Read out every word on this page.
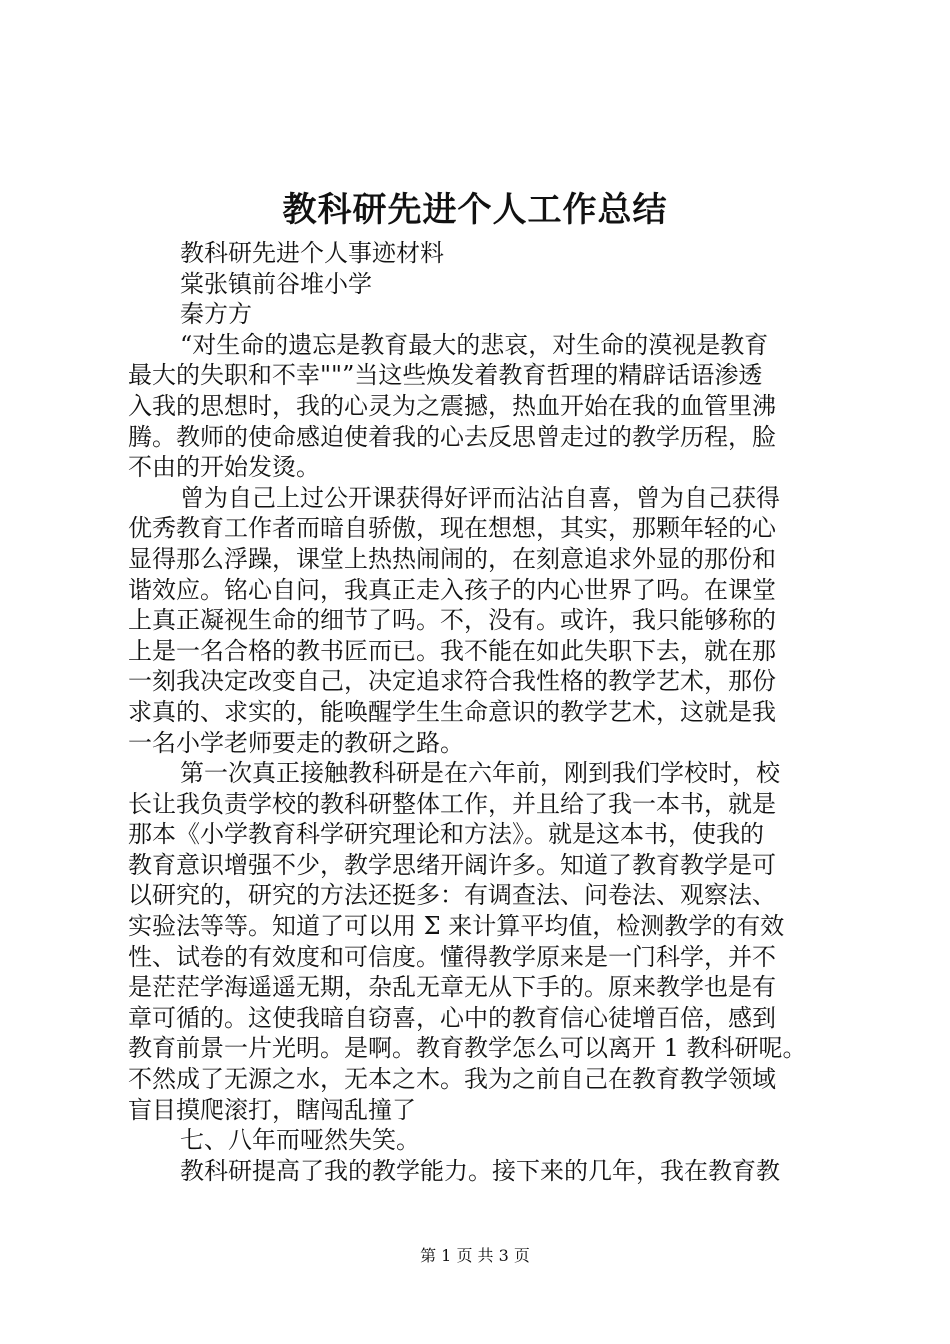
教科研先进个人工作总结
教科研先进个人事迹材料
棠张镇前谷堆小学
秦方方
“对生命的遗忘是教育最大的悲哀，对生命的漠视是教育
最大的失职和不幸""”当这些焕发着教育哲理的精辟话语渗透
入我的思想时，我的心灵为之震撼，热血开始在我的血管里沸
腾。教师的使命感迫使着我的心去反思曾走过的教学历程，脸
不由的开始发烫。
曾为自己上过公开课获得好评而沾沾自喜，曾为自己获得
优秀教育工作者而暗自骄傲，现在想想，其实，那颗年轻的心
显得那么浮躁，课堂上热热闹闹的，在刻意追求外显的那份和
谐效应。铭心自问，我真正走入孩子的内心世界了吗。在课堂
上真正凝视生命的细节了吗。不，没有。或许，我只能够称的
上是一名合格的教书匠而已。我不能在如此失职下去，就在那
一刻我决定改变自己，决定追求符合我性格的教学艺术，那份
求真的、求实的，能唤醒学生生命意识的教学艺术，这就是我
一名小学老师要走的教研之路。
第一次真正接触教科研是在六年前，刚到我们学校时，校
长让我负责学校的教科研整体工作，并且给了我一本书，就是
那本《小学教育科学研究理论和方法》。就是这本书，使我的
教育意识增强不少，教学思绪开阔许多。知道了教育教学是可
以研究的，研究的方法还挺多：有调查法、问卷法、观察法、
实验法等等。知道了可以用 Σ 来计算平均值，检测教学的有效
性、试卷的有效度和可信度。懂得教学原来是一门科学，并不
是茫茫学海遥遥无期，杂乱无章无从下手的。原来教学也是有
章可循的。这使我暗自窃喜，心中的教育信心徒增百倍，感到
教育前景一片光明。是啊。教育教学怎么可以离开 1 教科研呢。
不然成了无源之水，无本之木。我为之前自己在教育教学领域
盲目摸爬滚打，瞎闯乱撞了
七、八年而哑然失笑。
教科研提高了我的教学能力。接下来的几年，我在教育教
第 1 页 共 3 页
